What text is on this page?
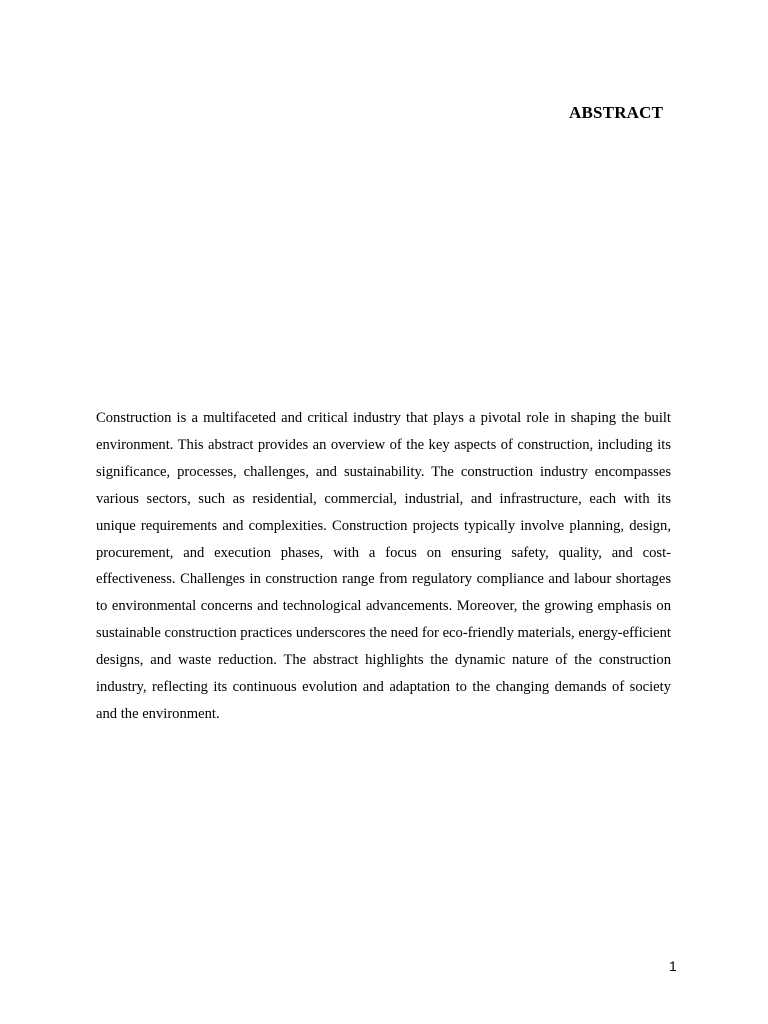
ABSTRACT

Construction is a multifaceted and critical industry that plays a pivotal role in shaping the built environment. This abstract provides an overview of the key aspects of construction, including its significance, processes, challenges, and sustainability. The construction industry encompasses various sectors, such as residential, commercial, industrial, and infrastructure, each with its unique requirements and complexities. Construction projects typically involve planning, design, procurement, and execution phases, with a focus on ensuring safety, quality, and cost-effectiveness. Challenges in construction range from regulatory compliance and labour shortages to environmental concerns and technological advancements. Moreover, the growing emphasis on sustainable construction practices underscores the need for eco-friendly materials, energy-efficient designs, and waste reduction. The abstract highlights the dynamic nature of the construction industry, reflecting its continuous evolution and adaptation to the changing demands of society and the environment.

1
